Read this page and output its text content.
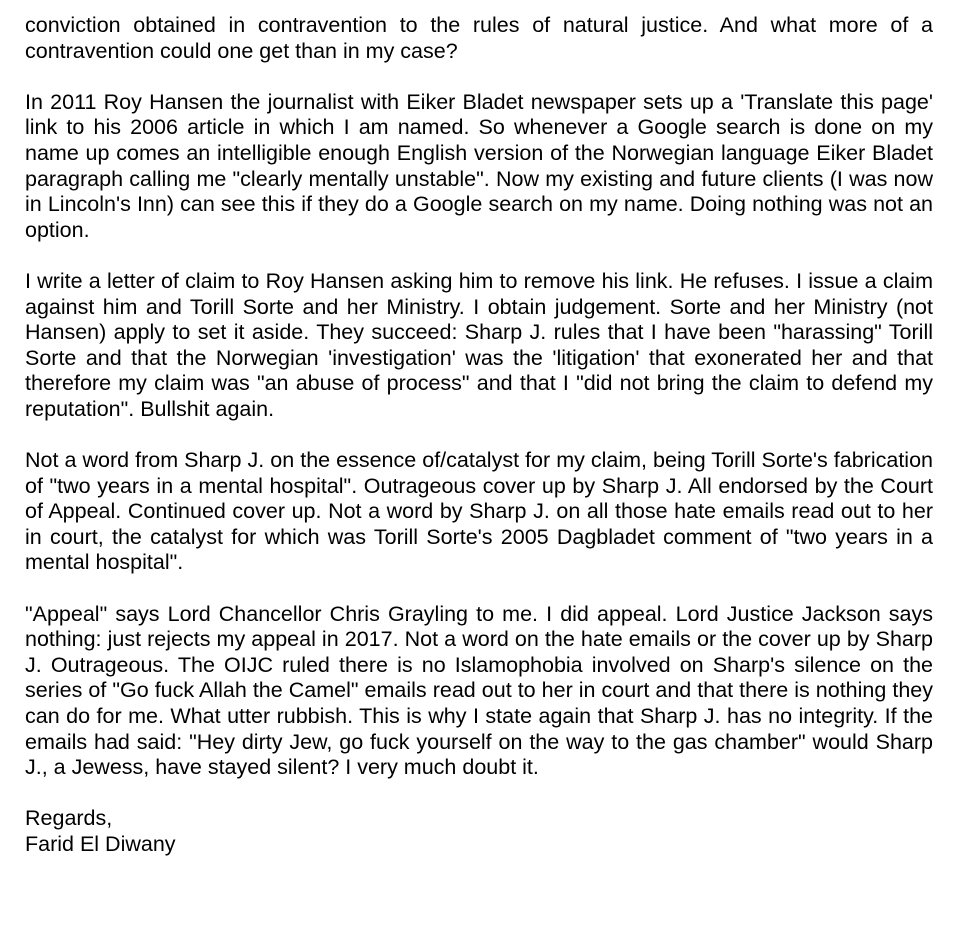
conviction obtained in contravention to the rules of natural justice. And what more of a contravention could one get than in my case?

In 2011 Roy Hansen the journalist with Eiker Bladet newspaper sets up a 'Translate this page' link to his 2006 article in which I am named. So whenever a Google search is done on my name up comes an intelligible enough English version of the Norwegian language Eiker Bladet paragraph calling me "clearly mentally unstable". Now my existing and future clients (I was now in Lincoln's Inn) can see this if they do a Google search on my name. Doing nothing was not an option.

I write a letter of claim to Roy Hansen asking him to remove his link. He refuses. I issue a claim against him and Torill Sorte and her Ministry. I obtain judgement. Sorte and her Ministry (not Hansen) apply to set it aside. They succeed: Sharp J. rules that I have been "harassing" Torill Sorte and that the Norwegian 'investigation' was the 'litigation' that exonerated her and that therefore my claim was "an abuse of process" and that I "did not bring the claim to defend my reputation". Bullshit again.

Not a word from Sharp J. on the essence of/catalyst for my claim, being Torill Sorte's fabrication of "two years in a mental hospital". Outrageous cover up by Sharp J. All endorsed by the Court of Appeal. Continued cover up. Not a word by Sharp J. on all those hate emails read out to her in court, the catalyst for which was Torill Sorte's 2005 Dagbladet comment of "two years in a mental hospital".

"Appeal" says Lord Chancellor Chris Grayling to me. I did appeal. Lord Justice Jackson says nothing: just rejects my appeal in 2017. Not a word on the hate emails or the cover up by Sharp J. Outrageous. The OIJC ruled there is no Islamophobia involved on Sharp's silence on the series of "Go fuck Allah the Camel" emails read out to her in court and that there is nothing they can do for me. What utter rubbish. This is why I state again that Sharp J. has no integrity. If the emails had said: "Hey dirty Jew, go fuck yourself on the way to the gas chamber" would Sharp J., a Jewess, have stayed silent? I very much doubt it.

Regards,
Farid El Diwany
